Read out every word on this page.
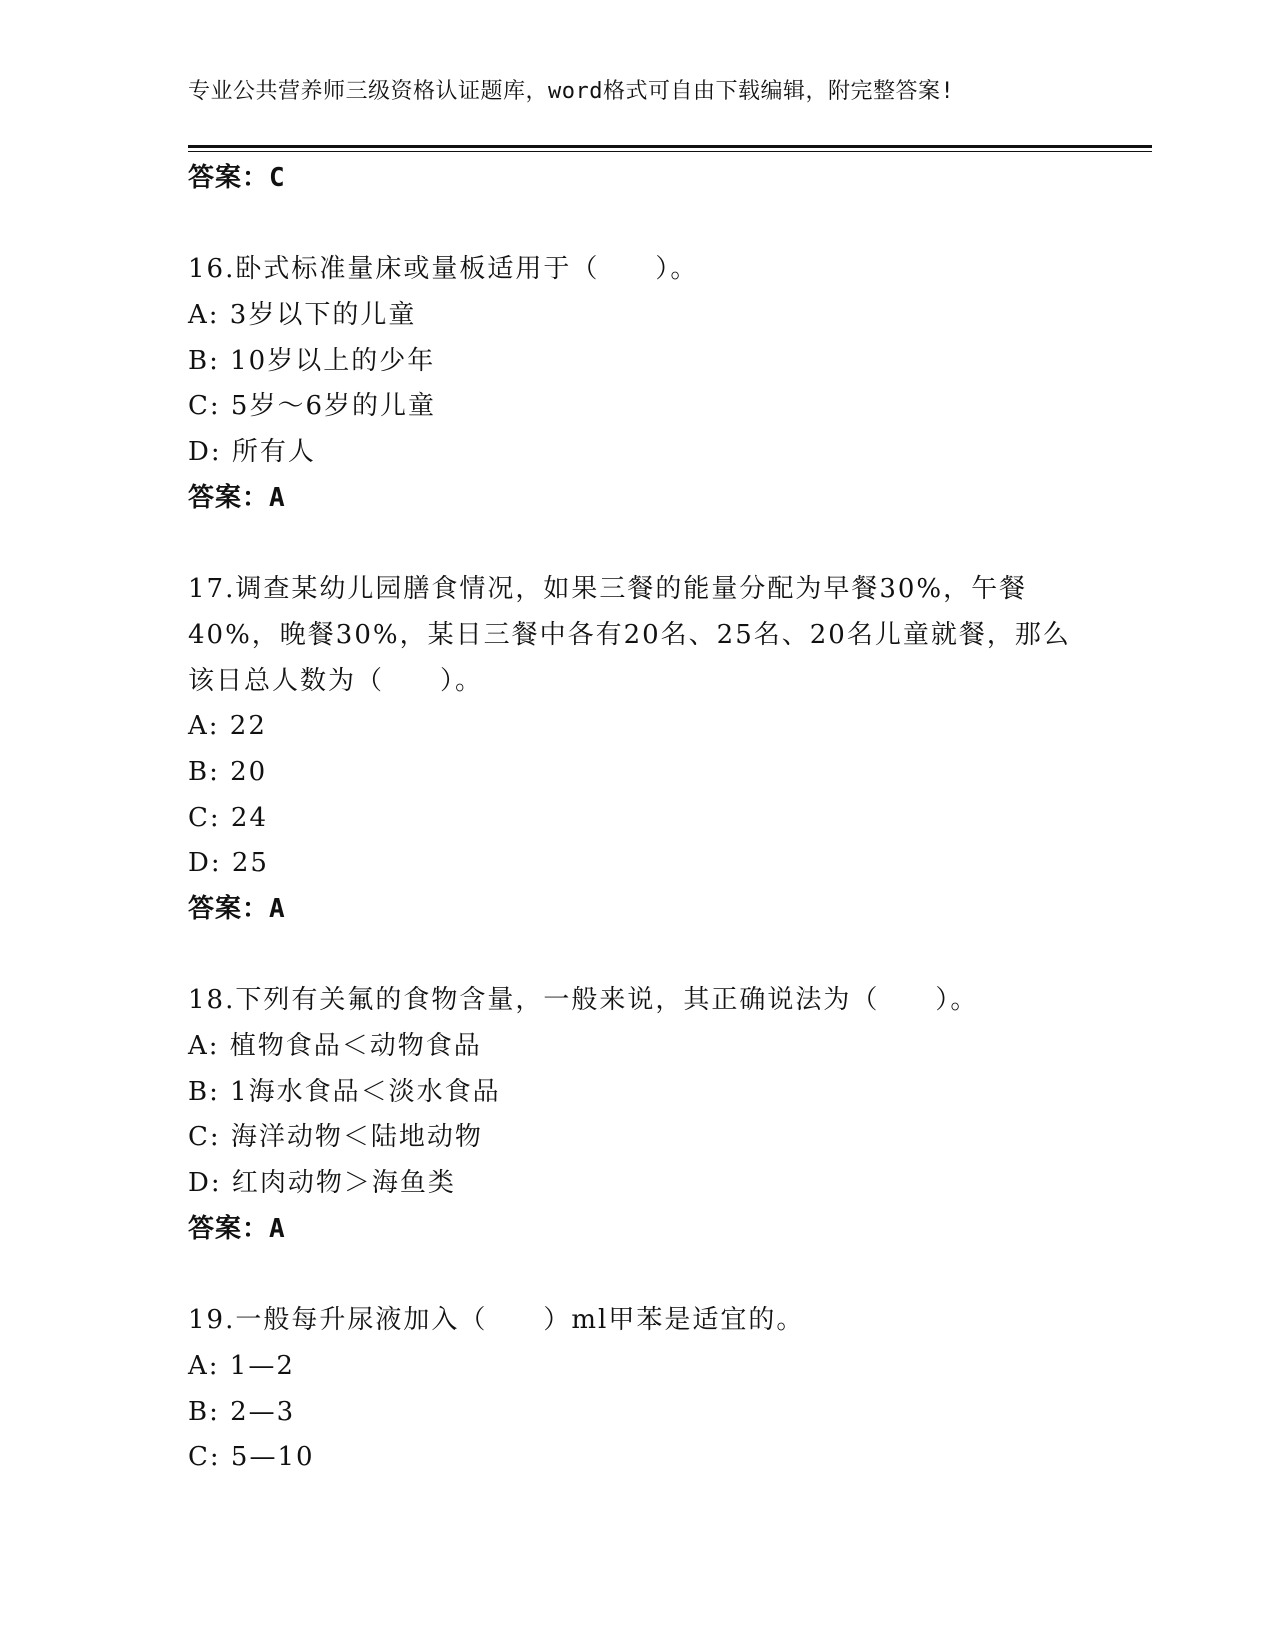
专业公共营养师三级资格认证题库，word格式可自由下载编辑，附完整答案!
答案：C
16.卧式标准量床或量板适用于（　　）。
A: 3岁以下的儿童
B: 10岁以上的少年
C: 5岁～6岁的儿童
D: 所有人
答案：A
17.调查某幼儿园膳食情况，如果三餐的能量分配为早餐30%，午餐
40%，晚餐30%，某日三餐中各有20名、25名、20名儿童就餐，那么
该日总人数为（　　）。
A: 22
B: 20
C: 24
D: 25
答案：A
18.下列有关氟的食物含量，一般来说，其正确说法为（　　）。
A: 植物食品＜动物食品
B: 1海水食品＜淡水食品
C: 海洋动物＜陆地动物
D: 红肉动物＞海鱼类
答案：A
19.一般每升尿液加入（　　）ml甲苯是适宜的。
A: 1—2
B: 2—3
C: 5—10
